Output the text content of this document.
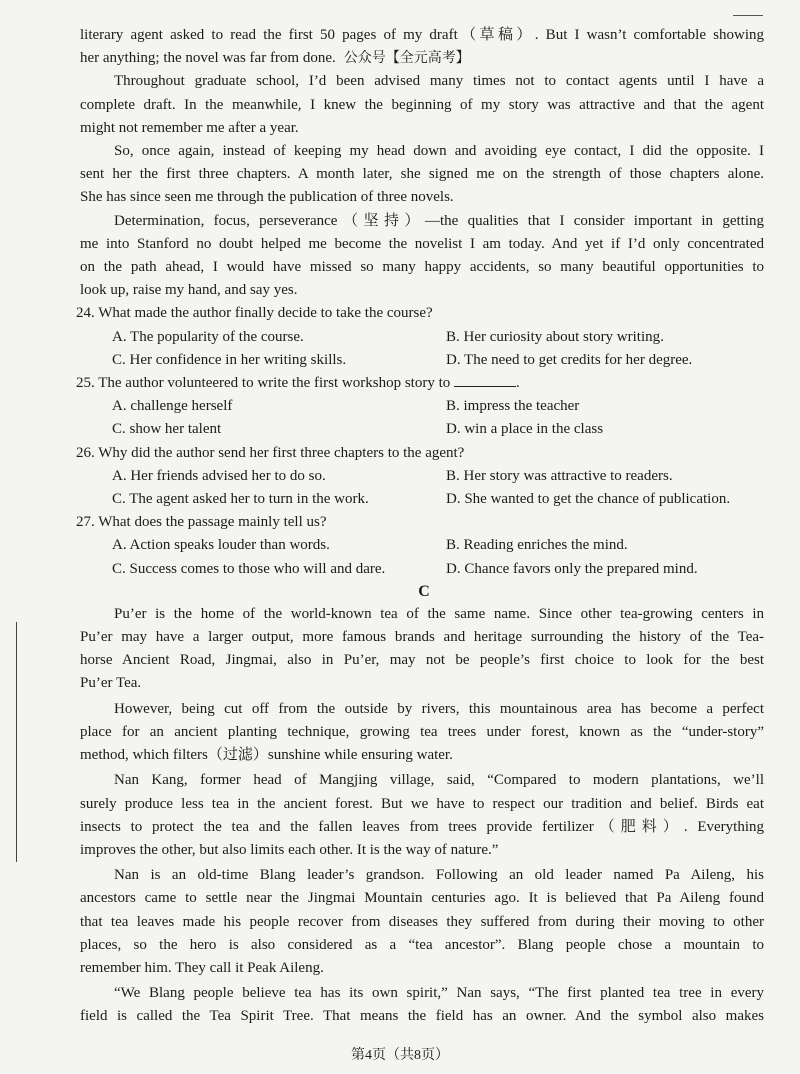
literary agent asked to read the first 50 pages of my draft（草稿）. But I wasn’t comfortable showing
her anything; the novel was far from done. 公众号【全元高考】
Throughout graduate school, I’d been advised many times not to contact agents until I have a
complete draft. In the meanwhile, I knew the beginning of my story was attractive and that the agent
might not remember me after a year.
So, once again, instead of keeping my head down and avoiding eye contact, I did the opposite. I
sent her the first three chapters. A month later, she signed me on the strength of those chapters alone.
She has since seen me through the publication of three novels.
Determination, focus, perseverance（坚持）—the qualities that I consider important in getting
me into Stanford no doubt helped me become the novelist I am today. And yet if I’d only concentrated
on the path ahead, I would have missed so many happy accidents, so many beautiful opportunities to
look up, raise my hand, and say yes.
24. What made the author finally decide to take the course?
A. The popularity of the course.	B. Her curiosity about story writing.
C. Her confidence in her writing skills.	D. The need to get credits for her degree.
25. The author volunteered to write the first workshop story to	.
A. challenge herself	B. impress the teacher
C. show her talent	D. win a place in the class
26. Why did the author send her first three chapters to the agent?
A. Her friends advised her to do so.	B. Her story was attractive to readers.
C. The agent asked her to turn in the work.	D. She wanted to get the chance of publication.
27. What does the passage mainly tell us?
A. Action speaks louder than words.	B. Reading enriches the mind.
C. Success comes to those who will and dare.	D. Chance favors only the prepared mind.
C
Pu’er is the home of the world-known tea of the same name. Since other tea-growing centers in
Pu’er may have a larger output, more famous brands and heritage surrounding the history of the Tea-
horse Ancient Road, Jingmai, also in Pu’er, may not be people’s first choice to look for the best
Pu’er Tea.
However, being cut off from the outside by rivers, this mountainous area has become a perfect
place for an ancient planting technique, growing tea trees under forest, known as the “under-story”
method, which filters（过滤）sunshine while ensuring water.
Nan Kang, former head of Mangjing village, said, “Compared to modern plantations, we’ll
surely produce less tea in the ancient forest. But we have to respect our tradition and belief. Birds eat
insects to protect the tea and the fallen leaves from trees provide fertilizer（肥料）. Everything
improves the other, but also limits each other. It is the way of nature.”
Nan is an old-time Blang leader’s grandson. Following an old leader named Pa Aileng, his
ancestors came to settle near the Jingmai Mountain centuries ago. It is believed that Pa Aileng found
that tea leaves made his people recover from diseases they suffered from during their moving to other
places, so the hero is also considered as a “tea ancestor”. Blang people chose a mountain to
remember him. They call it Peak Aileng.
“We Blang people believe tea has its own spirit,” Nan says, “The first planted tea tree in every
field is called the Tea Spirit Tree. That means the field has an owner. And the symbol also makes
第4页（共8页）
